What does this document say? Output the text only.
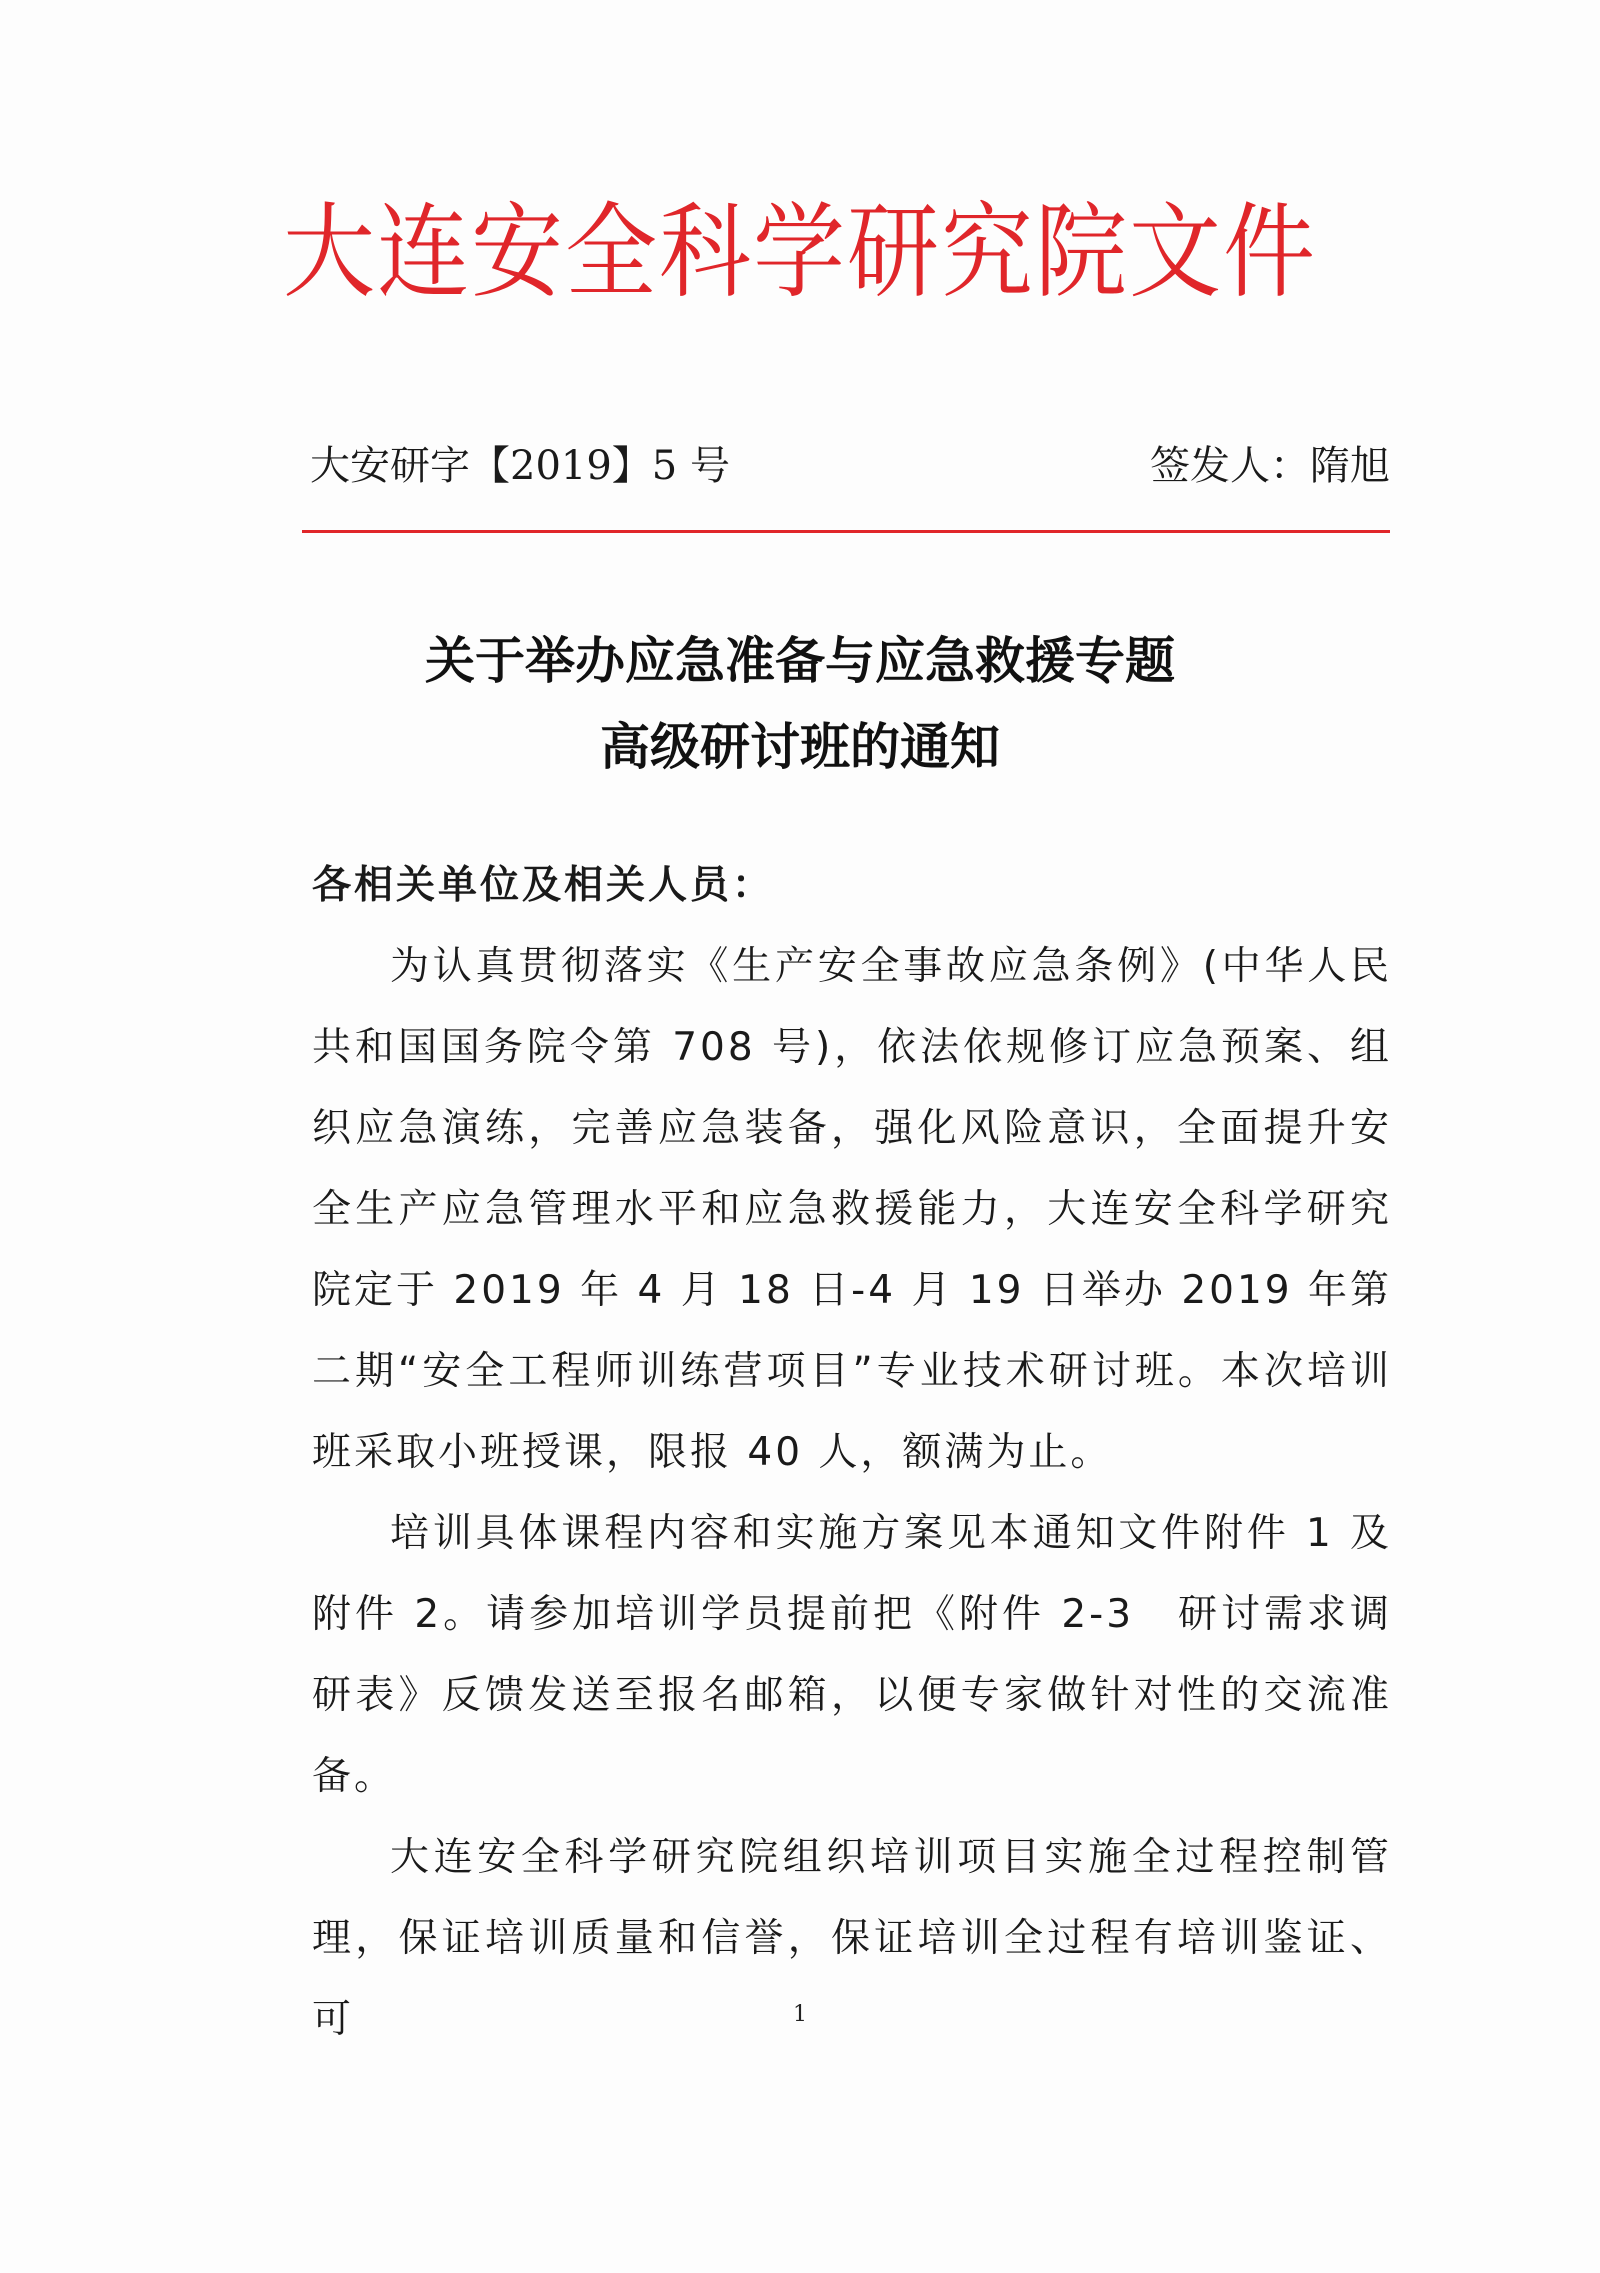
大连安全科学研究院文件
大安研字【2019】5 号	签发人：隋旭
关于举办应急准备与应急救援专题
高级研讨班的通知

各相关单位及相关人员：

为认真贯彻落实《生产安全事故应急条例》(中华人民共和国国务院令第 708 号)，依法依规修订应急预案、组织应急演练，完善应急装备，强化风险意识，全面提升安全生产应急管理水平和应急救援能力，大连安全科学研究院定于 2019 年 4 月 18 日-4 月 19 日举办 2019 年第二期“安全工程师训练营项目”专业技术研讨班。本次培训班采取小班授课，限报 40 人，额满为止。

培训具体课程内容和实施方案见本通知文件附件 1 及附件 2。请参加培训学员提前把《附件 2-3　研讨需求调研表》反馈发送至报名邮箱，以便专家做针对性的交流准备。

大连安全科学研究院组织培训项目实施全过程控制管理，保证培训质量和信誉，保证培训全过程有培训鉴证、可	1
